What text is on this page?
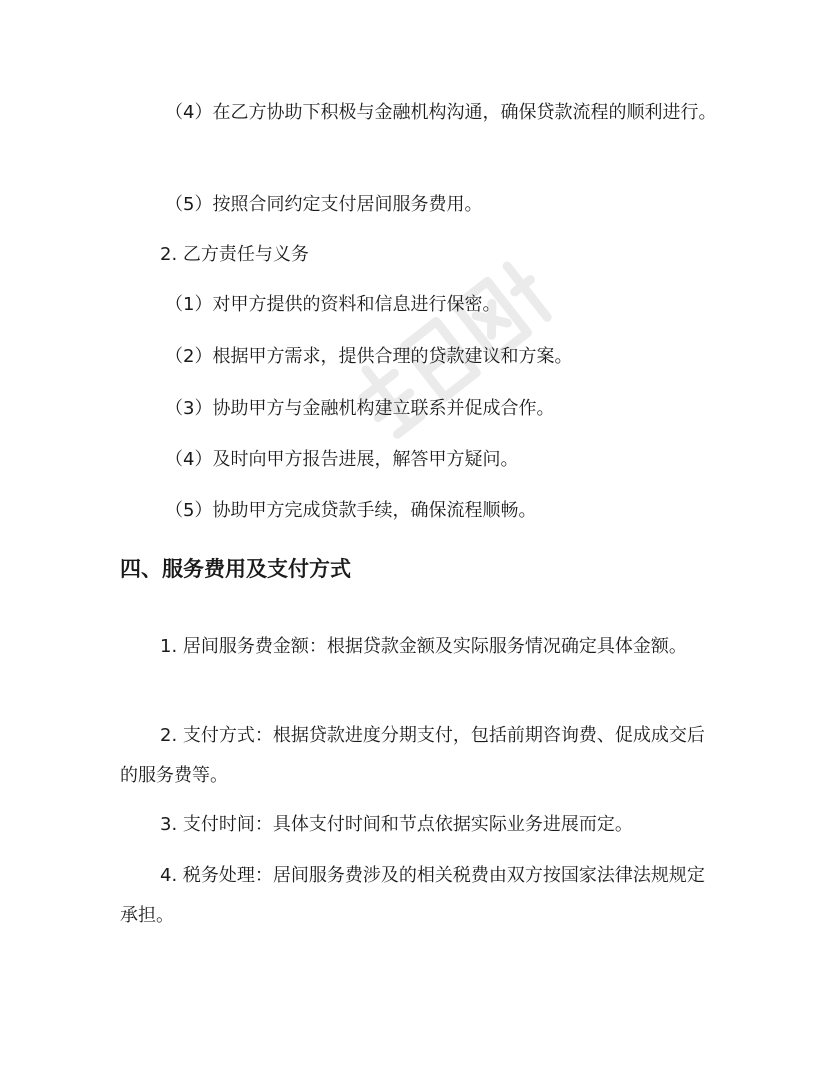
（4）在乙方协助下积极与金融机构沟通，确保贷款流程的顺利进行。

（5）按照合同约定支付居间服务费用。

2. 乙方责任与义务

（1）对甲方提供的资料和信息进行保密。

（2）根据甲方需求，提供合理的贷款建议和方案。

（3）协助甲方与金融机构建立联系并促成合作。

（4）及时向甲方报告进展，解答甲方疑问。

（5）协助甲方完成贷款手续，确保流程顺畅。

四、服务费用及支付方式

1. 居间服务费金额：根据贷款金额及实际服务情况确定具体金额。

2. 支付方式：根据贷款进度分期支付，包括前期咨询费、促成成交后的服务费等。

3. 支付时间：具体支付时间和节点依据实际业务进展而定。

4. 税务处理：居间服务费涉及的相关税费由双方按国家法律法规规定承担。
